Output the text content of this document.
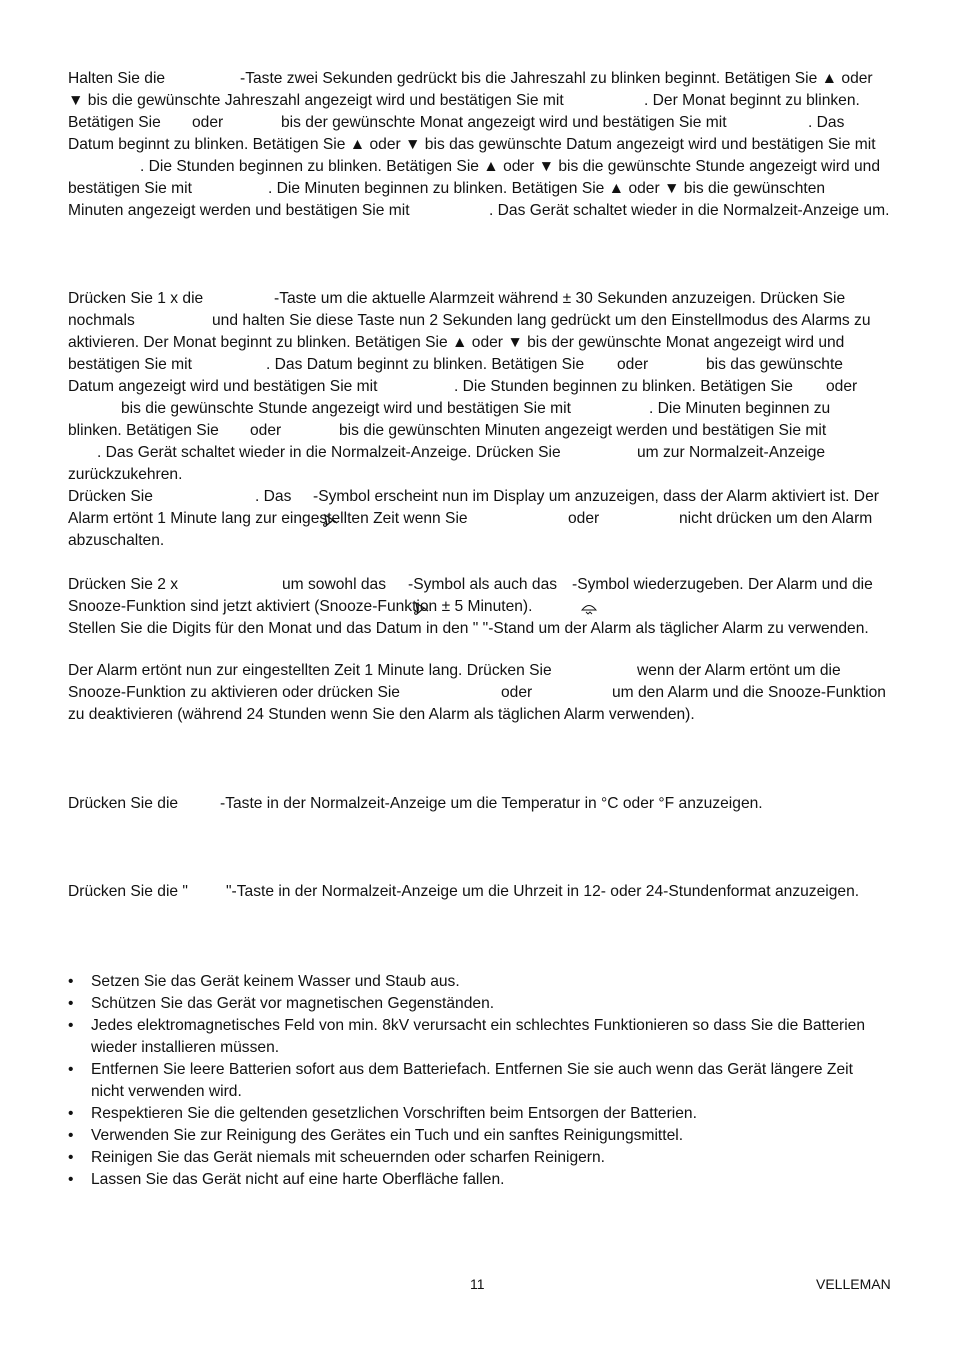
Halten Sie die	-Taste zwei Sekunden gedrückt bis die Jahreszahl zu blinken beginnt. Betätigen Sie ▲ oder
▼ bis die gewünschte Jahreszahl angezeigt wird und bestätigen Sie mit	. Der Monat beginnt zu blinken.
Betätigen Sie oder	bis der gewünschte Monat angezeigt wird und bestätigen Sie mit	. Das
Datum beginnt zu blinken. Betätigen Sie ▲ oder ▼ bis das gewünschte Datum angezeigt wird und bestätigen Sie mit
. Die Stunden beginnen zu blinken. Betätigen Sie ▲ oder ▼ bis die gewünschte Stunde angezeigt wird und
bestätigen Sie mit	. Die Minuten beginnen zu blinken. Betätigen Sie ▲ oder ▼ bis die gewünschten
Minuten angezeigt werden und bestätigen Sie mit	. Das Gerät schaltet wieder in die Normalzeit-Anzeige um.
Drücken Sie 1 x die	-Taste um die aktuelle Alarmzeit während ± 30 Sekunden anzuzeigen. Drücken Sie
nochmals	und halten Sie diese Taste nun 2 Sekunden lang gedrückt um den Einstellmodus des Alarms zu
aktivieren. Der Monat beginnt zu blinken. Betätigen Sie ▲ oder ▼ bis der gewünschte Monat angezeigt wird und
bestätigen Sie mit	. Das Datum beginnt zu blinken. Betätigen Sie oder	bis das gewünschte
Datum angezeigt wird und bestätigen Sie mit	. Die Stunden beginnen zu blinken. Betätigen Sie oder
bis die gewünschte Stunde angezeigt wird und bestätigen Sie mit	. Die Minuten beginnen zu
blinken. Betätigen Sie oder	bis die gewünschten Minuten angezeigt werden und bestätigen Sie mit
. Das Gerät schaltet wieder in die Normalzeit-Anzeige. Drücken Sie	um zur Normalzeit-Anzeige
zurückzukehren.
Drücken Sie	. Das

-Symbol erscheint nun im Display um anzuzeigen, dass der Alarm aktiviert ist. Der
Alarm ertönt 1 Minute lang zur eingestellten Zeit wenn Sie	oder	nicht drücken um den Alarm
abzuschalten.
Drücken Sie 2 x	um sowohl das

-Symbol als auch das

-Symbol wiederzugeben. Der Alarm und die
Snooze-Funktion sind jetzt aktiviert (Snooze-Funktion ± 5 Minuten).
Stellen Sie die Digits für den Monat und das Datum in den " "-Stand um der Alarm als täglicher Alarm zu verwenden.
Der Alarm ertönt nun zur eingestellten Zeit 1 Minute lang. Drücken Sie	wenn der Alarm ertönt um die
Snooze-Funktion zu aktivieren oder drücken Sie	oder	um den Alarm und die Snooze-Funktion
zu deaktivieren (während 24 Stunden wenn Sie den Alarm als täglichen Alarm verwenden).
Drücken Sie die	-Taste in der Normalzeit-Anzeige um die Temperatur in °C oder °F anzuzeigen.
Drücken Sie die " "-Taste in der Normalzeit-Anzeige um die Uhrzeit in 12- oder 24-Stundenformat anzuzeigen.
• Setzen Sie das Gerät keinem Wasser und Staub aus.
• Schützen Sie das Gerät vor magnetischen Gegenständen.
• Jedes elektromagnetisches Feld von min. 8kV verursacht ein schlechtes Funktionieren so dass Sie die Batterien
wieder installieren müssen.
• Entfernen Sie leere Batterien sofort aus dem Batteriefach. Entfernen Sie sie auch wenn das Gerät längere Zeit
nicht verwenden wird.
• Respektieren Sie die geltenden gesetzlichen Vorschriften beim Entsorgen der Batterien.
• Verwenden Sie zur Reinigung des Gerätes ein Tuch und ein sanftes Reinigungsmittel.
• Reinigen Sie das Gerät niemals mit scheuernden oder scharfen Reinigern.
• Lassen Sie das Gerät nicht auf eine harte Oberfläche fallen.
11	VELLEMAN
